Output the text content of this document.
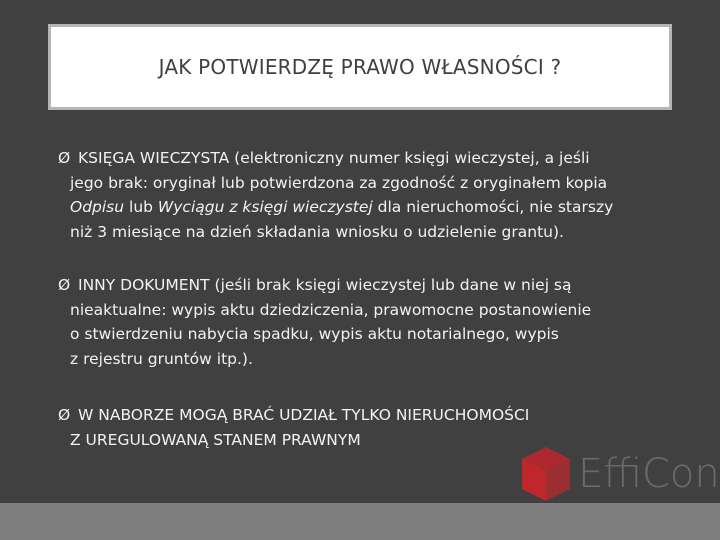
JAK POTWIERDZĘ PRAWO WŁASNOŚCI ?
Ø KSIĘGA WIECZYSTA (elektroniczny numer księgi wieczystej, a jeśli
jego brak: oryginał lub potwierdzona za zgodność z oryginałem kopia
Odpisu lub Wyciągu z księgi wieczystej dla nieruchomości, nie starszy
niż 3 miesiące na dzień składania wniosku o udzielenie grantu).
Ø INNY DOKUMENT (jeśli brak księgi wieczystej lub dane w niej są
nieaktualne: wypis aktu dziedziczenia, prawomocne postanowienie
o stwierdzeniu nabycia spadku, wypis aktu notarialnego, wypis
z rejestru gruntów itp.).
Ø W NABORZE MOGĄ BRAĆ UDZIAŁ TYLKO NIERUCHOMOŚCI
Z UREGULOWANĄ STANEM PRAWNYM
EffiCon
